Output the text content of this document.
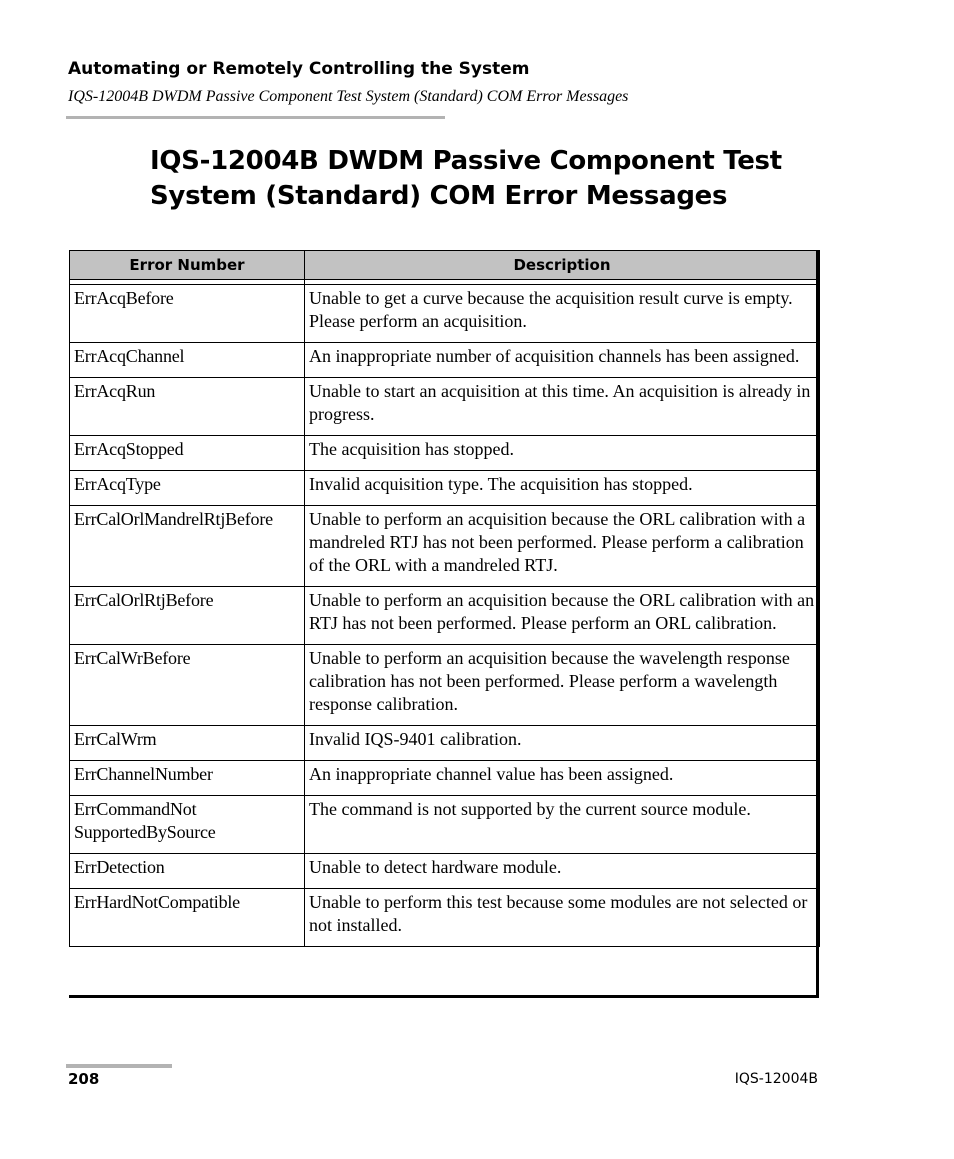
Automating or Remotely Controlling the System
IQS-12004B DWDM Passive Component Test System (Standard) COM Error Messages
IQS-12004B DWDM Passive Component Test
System (Standard) COM Error Messages
Error Number	Description

ErrAcqBefore	Unable to get a curve because the acquisition result curve is empty. Please perform an acquisition.
ErrAcqChannel	An inappropriate number of acquisition channels has been assigned.
ErrAcqRun	Unable to start an acquisition at this time. An acquisition is already in progress.
ErrAcqStopped	The acquisition has stopped.
ErrAcqType	Invalid acquisition type. The acquisition has stopped.
ErrCalOrlMandrelRtjBefore	Unable to perform an acquisition because the ORL calibration with a mandreled RTJ has not been performed. Please perform a calibration of the ORL with a mandreled RTJ.
ErrCalOrlRtjBefore	Unable to perform an acquisition because the ORL calibration with an RTJ has not been performed. Please perform an ORL calibration.
ErrCalWrBefore	Unable to perform an acquisition because the wavelength response calibration has not been performed. Please perform a wavelength response calibration.
ErrCalWrm	Invalid IQS-9401 calibration.
ErrChannelNumber	An inappropriate channel value has been assigned.
ErrCommandNot
SupportedBySource	The command is not supported by the current source module.
ErrDetection	Unable to detect hardware module.
ErrHardNotCompatible	Unable to perform this test because some modules are not selected or not installed.
208	IQS-12004B
